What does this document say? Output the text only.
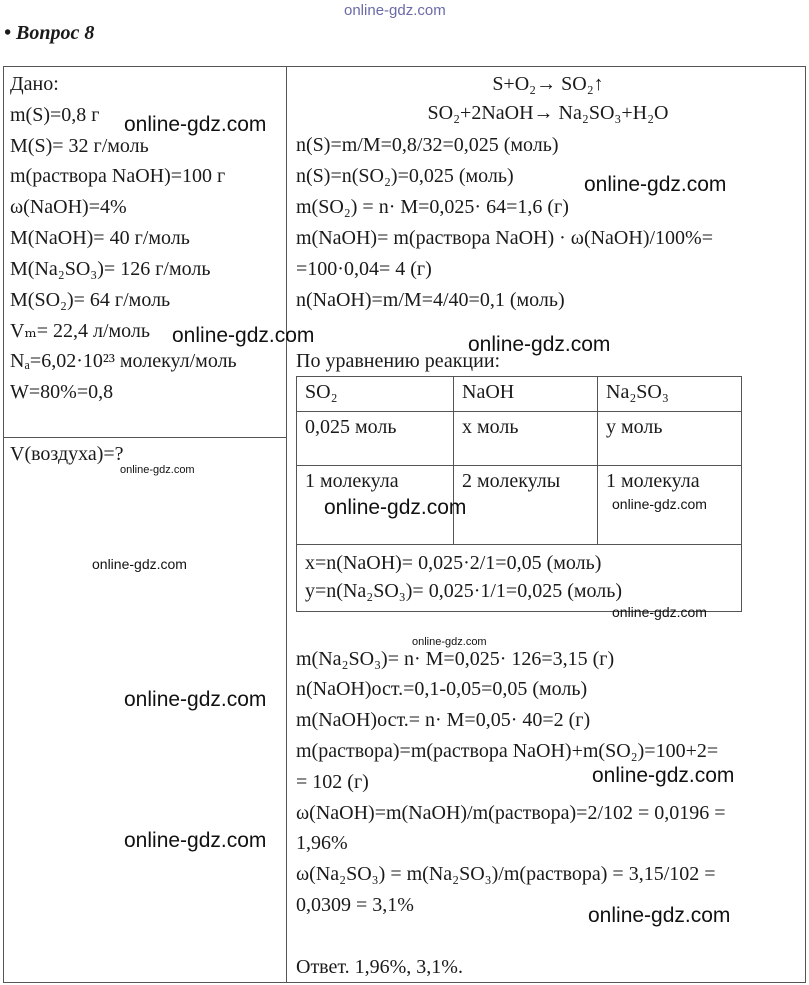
online-gdz.com
• Вопрос 8
Дано:
m(S)=0,8 г
M(S)= 32 г/моль
m(раствора NaOH)=100 г
ω(NaOH)=4%
M(NaOH)= 40 г/моль
M(Na₂SO₃)= 126 г/моль
M(SO₂)= 64 г/моль
Vₘ= 22,4 л/моль
Nₐ=6,02·10²³ молекул/моль
W=80%=0,8
V(воздуха)=?
S+O₂→ SO₂↑
SO₂+2NaOH→ Na₂SO₃+H₂O
n(S)=m/M=0,8/32=0,025 (моль)
n(S)=n(SO₂)=0,025 (моль)
m(SO₂) = n· M=0,025· 64=1,6 (г)
m(NaOH)= m(раствора NaOH) · ω(NaOH)/100%=
=100·0,04= 4 (г)
n(NaOH)=m/M=4/40=0,1 (моль)
По уравнению реакции:
SO₂	NaOH	Na₂SO₃
0,025 моль	x моль	y моль
1 молекула	2 молекулы	1 молекула

x=n(NaOH)= 0,025·2/1=0,05 (моль)
y=n(Na₂SO₃)= 0,025·1/1=0,025 (моль)		
m(Na₂SO₃)= n· M=0,025· 126=3,15 (г)
n(NaOH)ост.=0,1-0,05=0,05 (моль)
m(NaOH)ост.= n· M=0,05· 40=2 (г)
m(раствора)=m(раствора NaOH)+m(SO₂)=100+2=
= 102 (г)
ω(NaOH)=m(NaOH)/m(раствора)=2/102 = 0,0196 =
1,96%
ω(Na₂SO₃) = m(Na₂SO₃)/m(раствора) = 3,15/102 =
0,0309 = 3,1%
Ответ. 1,96%, 3,1%.
online-gdz.com
online-gdz.com
online-gdz.com	online-gdz.com
online-gdz.com
online-gdz.com	online-gdz.com
online-gdz.com
online-gdz.com
online-gdz.com
online-gdz.com
online-gdz.com
online-gdz.com
online-gdz.com
